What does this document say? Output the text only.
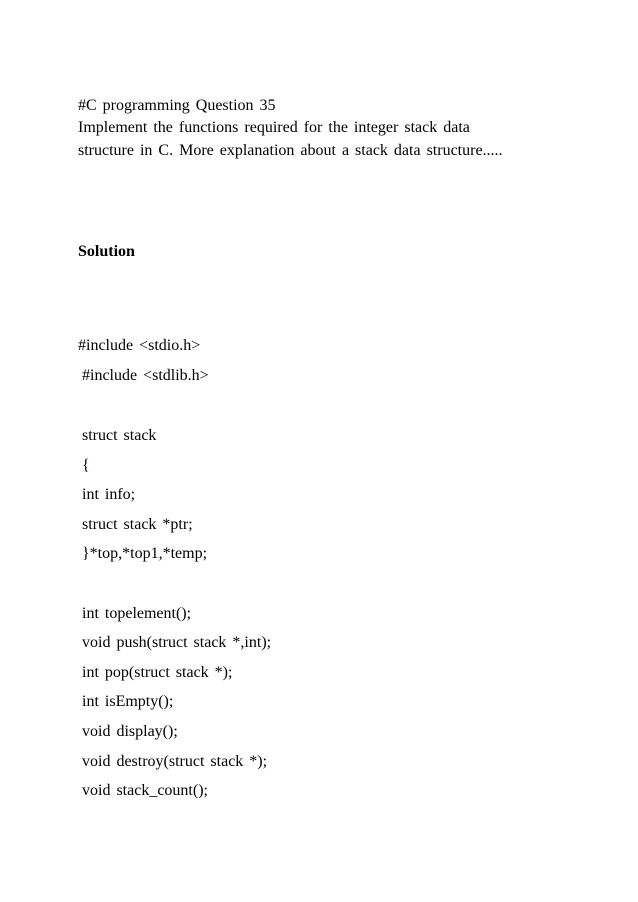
#C programming Question 35
Implement the functions required for the integer stack data
structure in C. More explanation about a stack data structure.....
Solution
#include <stdio.h>
#include <stdlib.h>
struct stack
{
int info;
struct stack *ptr;
}*top,*top1,*temp;
int topelement();
void push(struct stack *,int);
int pop(struct stack *);
int isEmpty();
void display();
void destroy(struct stack *);
void stack_count();
